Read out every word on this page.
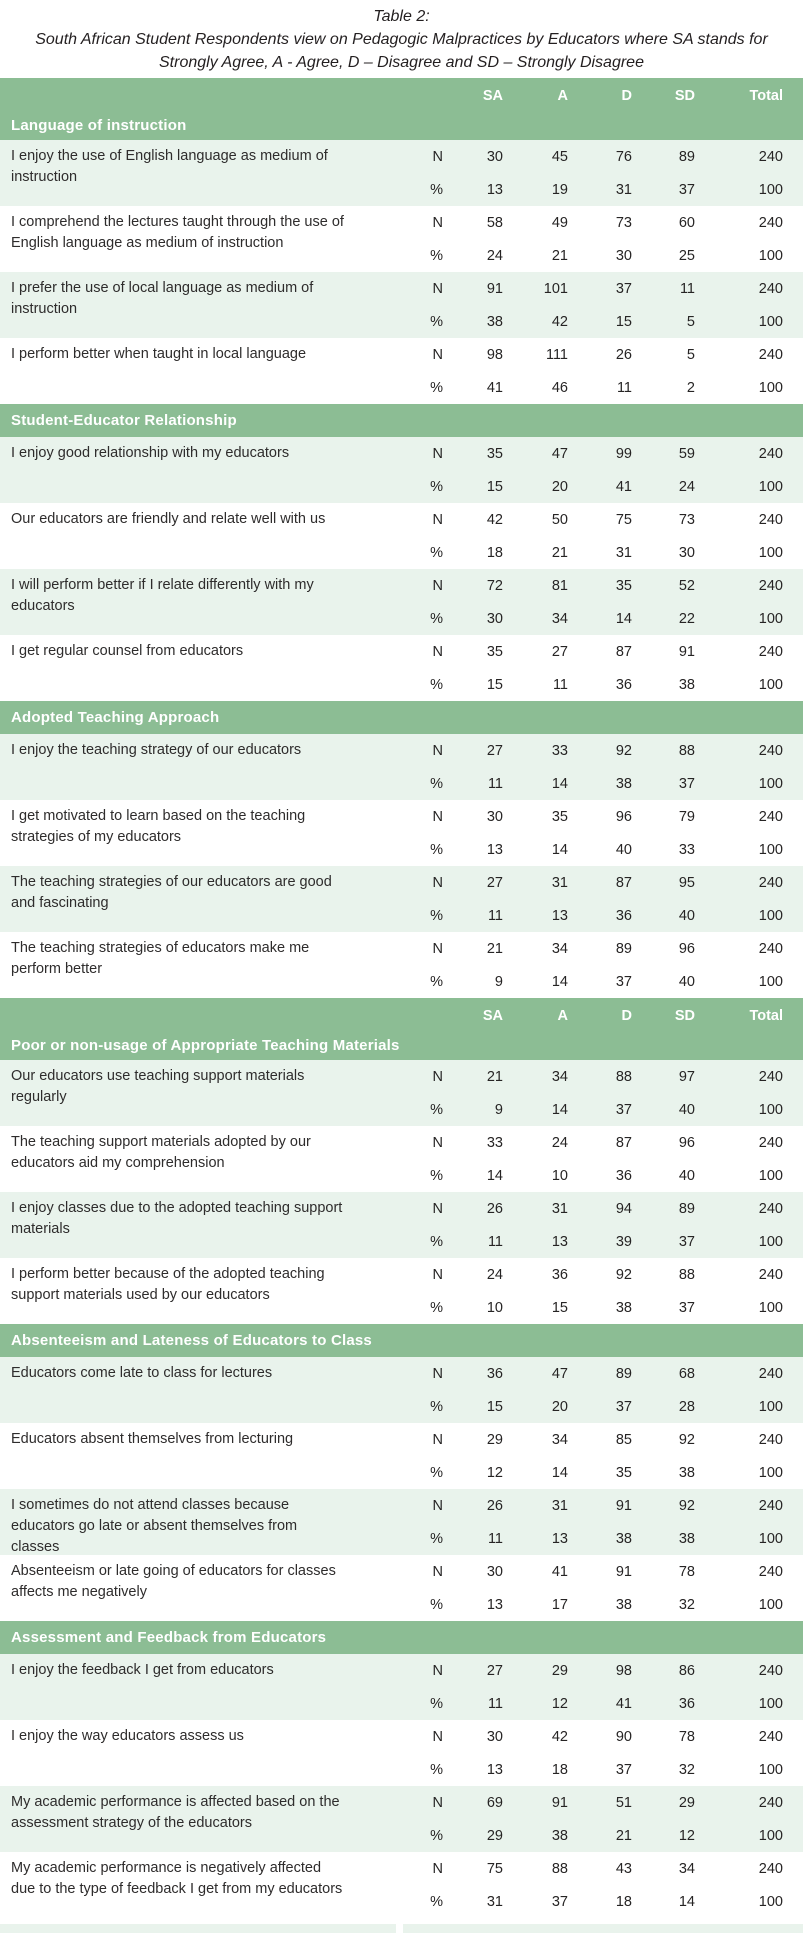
Table 2:
South African Student Respondents view on Pedagogic Malpractices by Educators where SA stands for
Strongly Agree, A - Agree, D – Disagree and SD – Strongly Disagree
SA	A	D	SD	Total
Language of instruction
I enjoy the use of English language as medium of instruction
N	30	45	76	89	240
%	13	19	31	37	100
I comprehend the lectures taught through the use of English language as medium of instruction
N	58	49	73	60	240
%	24	21	30	25	100
I prefer the use of local language as medium of instruction
N	91	101	37	11	240
%	38	42	15	5	100
I perform better when taught in local language	N	98	111	26	5	240
%	41	46	11	2	100
Student-Educator Relationship
I enjoy good relationship with my educators	N	35	47	99	59	240
%	15	20	41	24	100
Our educators are friendly and relate well with us	N	42	50	75	73	240
%	18	21	31	30	100
I will perform better if I relate differently with my educators
N	72	81	35	52	240
%	30	34	14	22	100
I get regular counsel from educators	N	35	27	87	91	240
%	15	11	36	38	100
Adopted Teaching Approach
I enjoy the teaching strategy of our educators	N	27	33	92	88	240
%	11	14	38	37	100
I get motivated to learn based on the teaching strategies of my educators
N	30	35	96	79	240
%	13	14	40	33	100
The teaching strategies of our educators are good and fascinating
N	27	31	87	95	240
%	11	13	36	40	100
The teaching strategies of educators make me perform better
N	21	34	89	96	240
%	9	14	37	40	100
SA	A	D	SD	Total
Poor or non-usage of Appropriate Teaching Materials
Our educators use teaching support materials regularly
N	21	34	88	97	240
%	9	14	37	40	100
The teaching support materials adopted by our educators aid my comprehension
N	33	24	87	96	240
%	14	10	36	40	100
I enjoy classes due to the adopted teaching support materials
N	26	31	94	89	240
%	11	13	39	37	100
I perform better because of the adopted teaching support materials used by our educators
N	24	36	92	88	240
%	10	15	38	37	100
Absenteeism and Lateness of Educators to Class
Educators come late to class for lectures	N	36	47	89	68	240
%	15	20	37	28	100
Educators absent themselves from lecturing	N	29	34	85	92	240
%	12	14	35	38	100
I sometimes do not attend classes because educators go late or absent themselves from classes
N	26	31	91	92	240
%	11	13	38	38	100
Absenteeism or late going of educators for classes affects me negatively
N	30	41	91	78	240
%	13	17	38	32	100
Assessment and Feedback from Educators
I enjoy the feedback I get from educators	N	27	29	98	86	240
%	11	12	41	36	100
I enjoy the way educators assess us	N	30	42	90	78	240
%	13	18	37	32	100
My academic performance is affected based on the assessment strategy of the educators
N	69	91	51	29	240
%	29	38	21	12	100
My academic performance is negatively affected due to the type of feedback I get from my educators
N	75	88	43	34	240
%	31	37	18	14	100
